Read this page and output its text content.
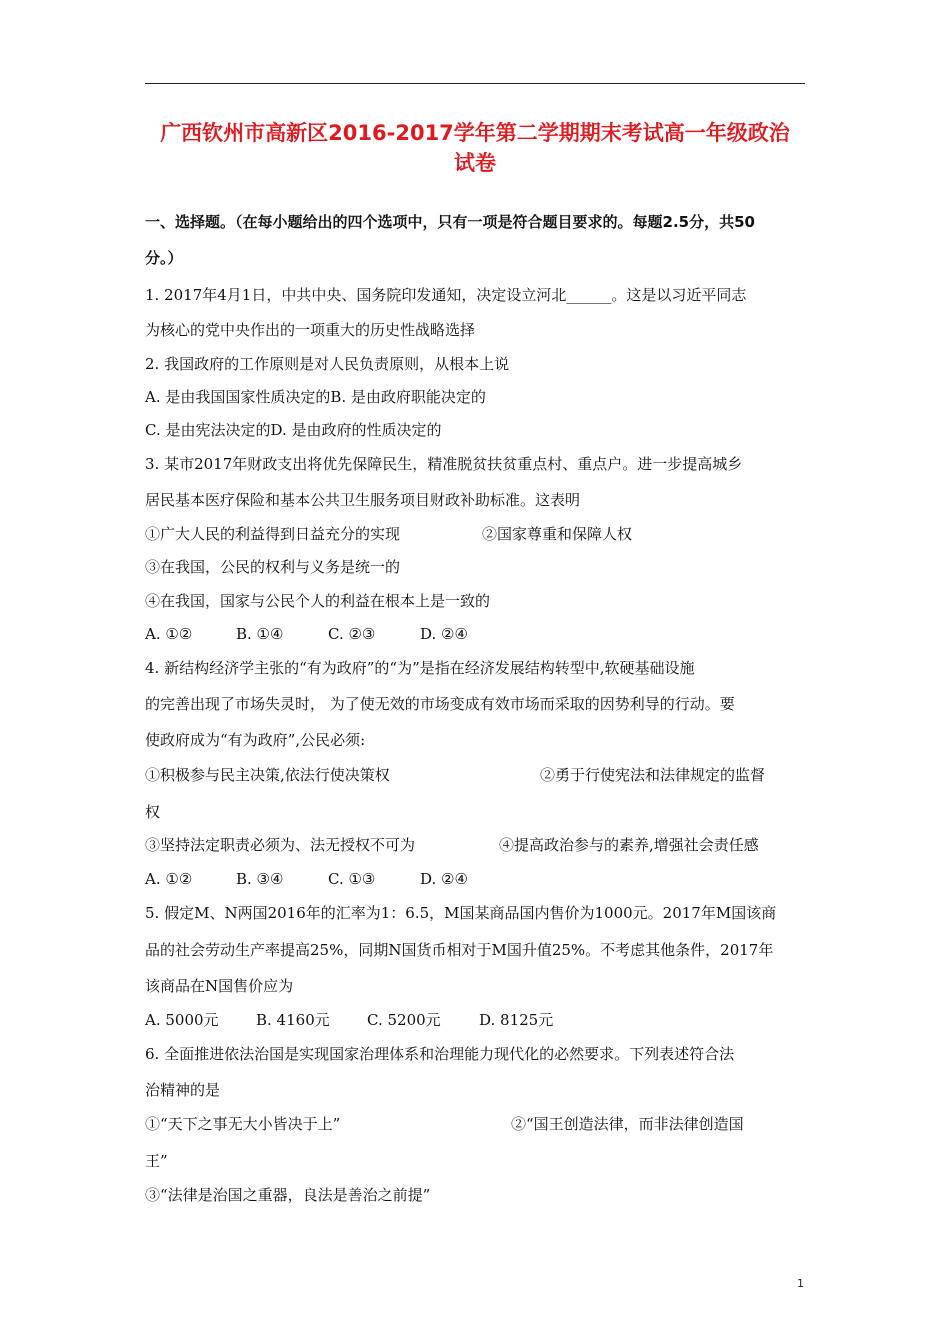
广西钦州市高新区2016-2017学年第二学期期末考试高一年级政治
试卷
一、选择题。（在每小题给出的四个选项中，只有一项是符合题目要求的。每题2.5分，共50
分。）
1. 2017年4月1日，中共中央、国务院印发通知，决定设立河北______。这是以习近平同志
为核心的党中央作出的一项重大的历史性战略选择
2. 我国政府的工作原则是对人民负责原则，从根本上说
A. 是由我国国家性质决定的B. 是由政府职能决定的
C. 是由宪法决定的D. 是由政府的性质决定的
3. 某市2017年财政支出将优先保障民生，精准脱贫扶贫重点村、重点户。进一步提高城乡
居民基本医疗保险和基本公共卫生服务项目财政补助标准。这表明
①广大人民的利益得到日益充分的实现	②国家尊重和保障人权
③在我国，公民的权利与义务是统一的
④在我国，国家与公民个人的利益在根本上是一致的
A. ①②	B. ①④	C. ②③	D. ②④
4. 新结构经济学主张的“有为政府”的“为”是指在经济发展结构转型中,软硬基础设施
的完善出现了市场失灵时， 为了使无效的市场变成有效市场而采取的因势利导的行动。要
使政府成为“有为政府”,公民必须:
①积极参与民主决策,依法行使决策权	②勇于行使宪法和法律规定的监督
权
③坚持法定职责必须为、法无授权不可为	④提高政治参与的素养,增强社会责任感
A. ①②	B. ③④	C. ①③	D. ②④
5. 假定M、N两国2016年的汇率为1：6.5，M国某商品国内售价为1000元。2017年M国该商
品的社会劳动生产率提高25%，同期N国货币相对于M国升值25%。不考虑其他条件，2017年
该商品在N国售价应为
A. 5000元 B. 4160元 C. 5200元	D. 8125元
6. 全面推进依法治国是实现国家治理体系和治理能力现代化的必然要求。下列表述符合法
治精神的是
①“天下之事无大小皆决于上”	②“国王创造法律，而非法律创造国
王”
③“法律是治国之重器，良法是善治之前提”
1
